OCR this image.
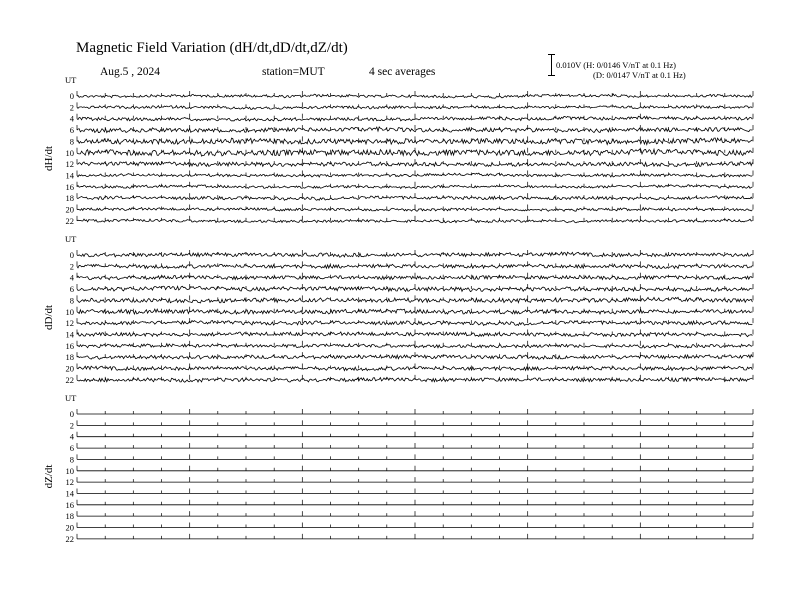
Magnetic Field Variation (dH/dt,dD/dt,dZ/dt)
Aug.5 , 2024	station=MUT	4 sec averages
0.010V (H: 0/0146 V/nT at 0.1 Hz)
(D: 0/0147 V/nT at 0.1 Hz)
UT
dH/dt
0
2
4
6
8
10
12
14
16
18
20
22
UT
dD/dt
0
2
4
6
8
10
12
14
16
18
20
22
UT
dZ/dt
0
2
4
6
8
10
12
14
16
18
20
22
